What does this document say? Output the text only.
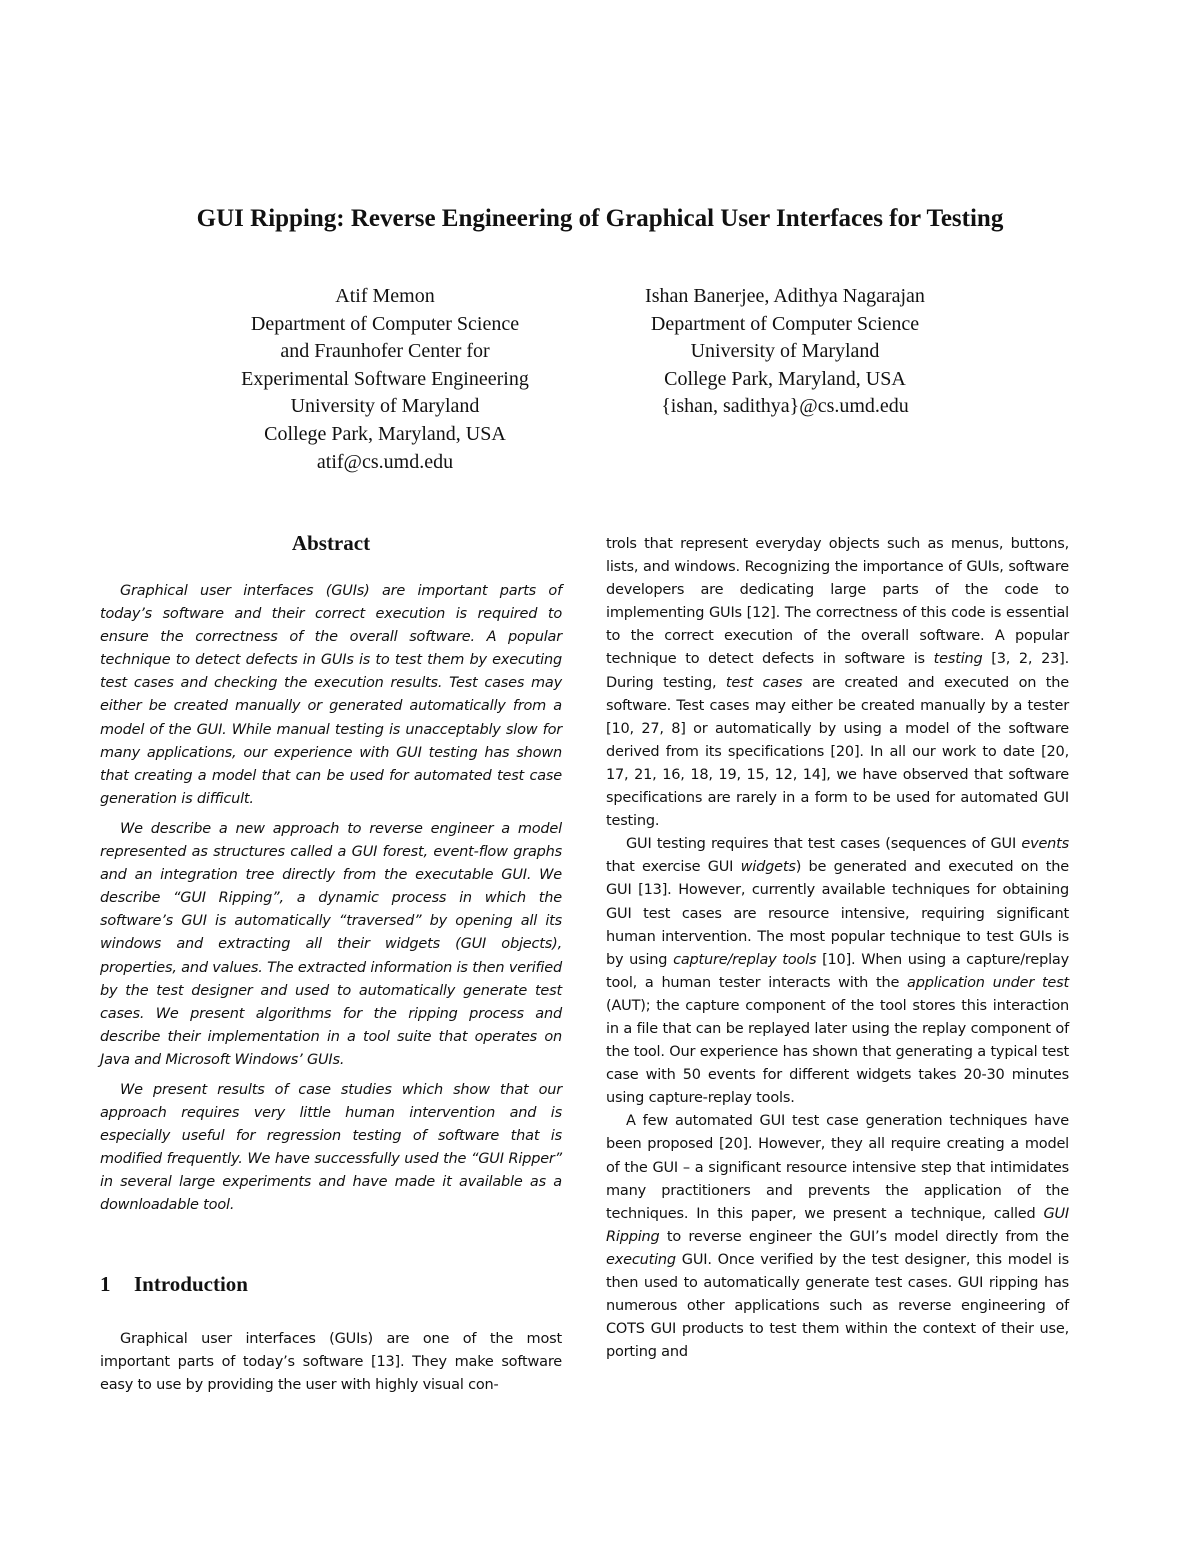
GUI Ripping: Reverse Engineering of Graphical User Interfaces for Testing
Atif Memon
Department of Computer Science
and Fraunhofer Center for
Experimental Software Engineering
University of Maryland
College Park, Maryland, USA
atif@cs.umd.edu
Ishan Banerjee, Adithya Nagarajan
Department of Computer Science
University of Maryland
College Park, Maryland, USA
{ishan, sadithya}@cs.umd.edu
Abstract

Graphical user interfaces (GUIs) are important parts of today’s software and their correct execution is required to ensure the correctness of the overall software. A popular technique to detect defects in GUIs is to test them by executing test cases and checking the execution results. Test cases may either be created manually or generated automatically from a model of the GUI. While manual testing is unacceptably slow for many applications, our experience with GUI testing has shown that creating a model that can be used for automated test case generation is difficult.

We describe a new approach to reverse engineer a model represented as structures called a GUI forest, event-flow graphs and an integration tree directly from the executable GUI. We describe “GUI Ripping”, a dynamic process in which the software’s GUI is automatically “traversed” by opening all its windows and extracting all their widgets (GUI objects), properties, and values. The extracted information is then verified by the test designer and used to automatically generate test cases. We present algorithms for the ripping process and describe their implementation in a tool suite that operates on Java and Microsoft Windows’ GUIs.

We present results of case studies which show that our approach requires very little human intervention and is especially useful for regression testing of software that is modified frequently. We have successfully used the “GUI Ripper” in several large experiments and have made it available as a downloadable tool.

1 Introduction

Graphical user interfaces (GUIs) are one of the most important parts of today’s software [13]. They make software easy to use by providing the user with highly visual con-

trols that represent everyday objects such as menus, buttons, lists, and windows. Recognizing the importance of GUIs, software developers are dedicating large parts of the code to implementing GUIs [12]. The correctness of this code is essential to the correct execution of the overall software. A popular technique to detect defects in software is testing [3, 2, 23]. During testing, test cases are created and executed on the software. Test cases may either be created manually by a tester [10, 27, 8] or automatically by using a model of the software derived from its specifications [20]. In all our work to date [20, 17, 21, 16, 18, 19, 15, 12, 14], we have observed that software specifications are rarely in a form to be used for automated GUI testing.

GUI testing requires that test cases (sequences of GUI events that exercise GUI widgets) be generated and executed on the GUI [13]. However, currently available techniques for obtaining GUI test cases are resource intensive, requiring significant human intervention. The most popular technique to test GUIs is by using capture/replay tools [10]. When using a capture/replay tool, a human tester interacts with the application under test (AUT); the capture component of the tool stores this interaction in a file that can be replayed later using the replay component of the tool. Our experience has shown that generating a typical test case with 50 events for different widgets takes 20-30 minutes using capture-replay tools.

A few automated GUI test case generation techniques have been proposed [20]. However, they all require creating a model of the GUI – a significant resource intensive step that intimidates many practitioners and prevents the application of the techniques. In this paper, we present a technique, called GUI Ripping to reverse engineer the GUI’s model directly from the executing GUI. Once verified by the test designer, this model is then used to automatically generate test cases. GUI ripping has numerous other applications such as reverse engineering of COTS GUI products to test them within the context of their use, porting and
